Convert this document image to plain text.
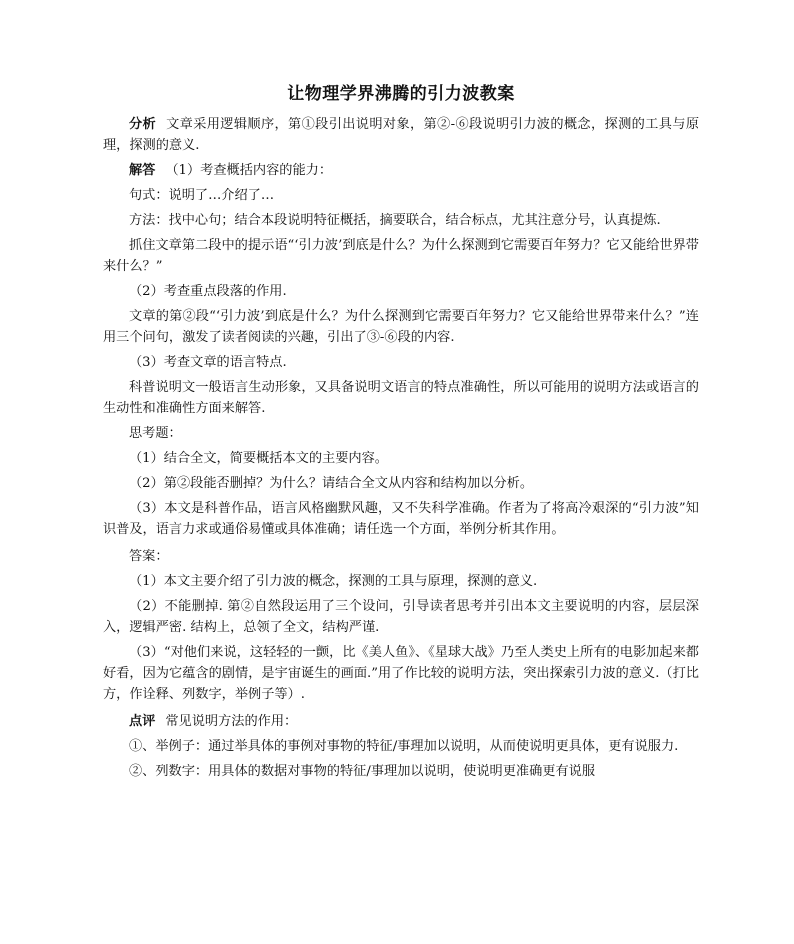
让物理学界沸腾的引力波教案
分析 文章采用逻辑顺序，第①段引出说明对象，第②-⑥段说明引力波的概念，探测的工具与原理，探测的意义.
解答 （1）考查概括内容的能力：
句式：说明了…介绍了…
方法：找中心句；结合本段说明特征概括，摘要联合，结合标点，尤其注意分号，认真提炼.
抓住文章第二段中的提示语“‘引力波’到底是什么？为什么探测到它需要百年努力？它又能给世界带来什么？”
（2）考查重点段落的作用.
文章的第②段“‘引力波’到底是什么？为什么探测到它需要百年努力？它又能给世界带来什么？”连用三个问句，激发了读者阅读的兴趣，引出了③-⑥段的内容.
（3）考查文章的语言特点.
科普说明文一般语言生动形象，又具备说明文语言的特点准确性，所以可能用的说明方法或语言的生动性和准确性方面来解答.
思考题：
（1）结合全文，简要概括本文的主要内容。
（2）第②段能否删掉？为什么？请结合全文从内容和结构加以分析。
（3）本文是科普作品，语言风格幽默风趣，又不失科学准确。作者为了将高冷艰深的“引力波”知识普及，语言力求或通俗易懂或具体准确；请任选一个方面，举例分析其作用。
答案：
（1）本文主要介绍了引力波的概念，探测的工具与原理，探测的意义.
（2）不能删掉. 第②自然段运用了三个设问，引导读者思考并引出本文主要说明的内容，层层深入，逻辑严密. 结构上，总领了全文，结构严谨.
（3）“对他们来说，这轻轻的一颤，比《美人鱼》、《星球大战》乃至人类史上所有的电影加起来都好看，因为它蕴含的剧情，是宇宙诞生的画面.”用了作比较的说明方法，突出探索引力波的意义.（打比方，作诠释、列数字，举例子等）.
点评 常见说明方法的作用：
①、举例子：通过举具体的事例对事物的特征/事理加以说明，从而使说明更具体，更有说服力.
②、列数字：用具体的数据对事物的特征/事理加以说明，使说明更准确更有说服
